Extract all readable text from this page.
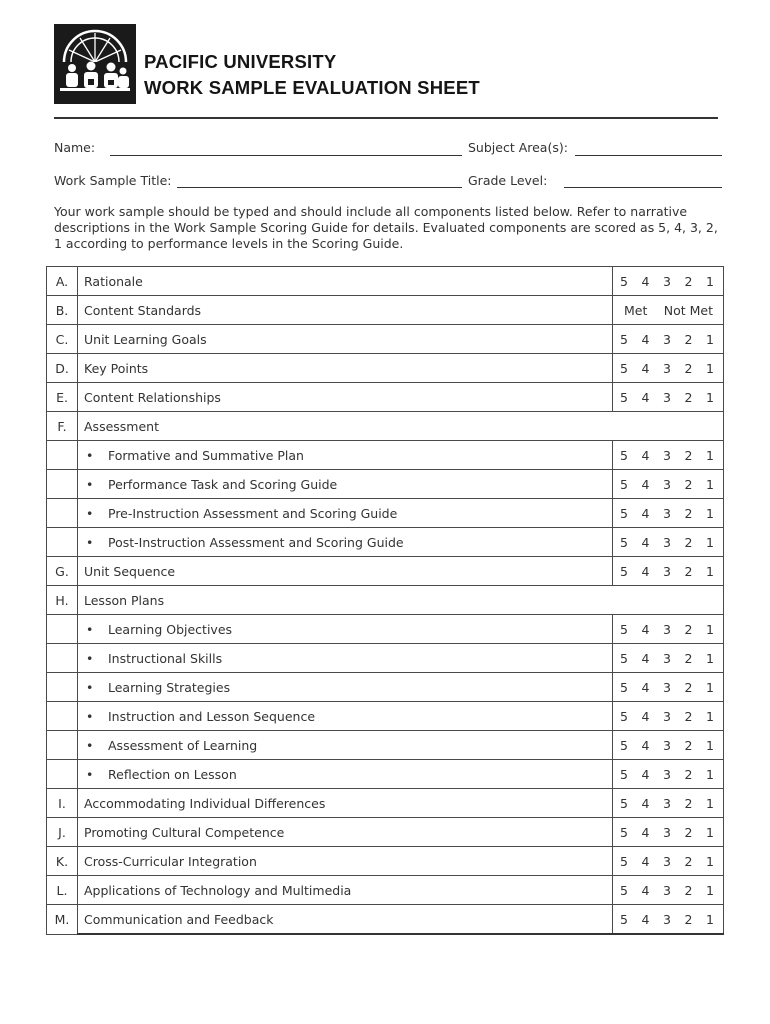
PACIFIC UNIVERSITY
WORK SAMPLE EVALUATION SHEET
Name:	Subject Area(s):
Work Sample Title:	Grade Level:
Your work sample should be typed and should include all components listed below. Refer to narrative descriptions in the Work Sample Scoring Guide for details. Evaluated components are scored as 5, 4, 3, 2, 1 according to performance levels in the Scoring Guide.
A.	Rationale	5 4 3 2 1

B.	Content Standards	Met Not Met

C.	Unit Learning Goals	5 4 3 2 1

D.	Key Points	5 4 3 2 1

E.	Content Relationships	5 4 3 2 1

F.	Assessment	
	• Formative and Summative Plan	5 4 3 2 1

	• Performance Task and Scoring Guide	5 4 3 2 1

	• Pre-Instruction Assessment and Scoring Guide	5 4 3 2 1

	• Post-Instruction Assessment and Scoring Guide	5 4 3 2 1

G.	Unit Sequence	5 4 3 2 1

H.	Lesson Plans	
	• Learning Objectives	5 4 3 2 1

	• Instructional Skills	5 4 3 2 1

	• Learning Strategies	5 4 3 2 1

	• Instruction and Lesson Sequence	5 4 3 2 1

	• Assessment of Learning	5 4 3 2 1

	• Reflection on Lesson	5 4 3 2 1

I.	Accommodating Individual Differences	5 4 3 2 1

J.	Promoting Cultural Competence	5 4 3 2 1

K.	Cross-Curricular Integration	5 4 3 2 1

L.	Applications of Technology and Multimedia	5 4 3 2 1

M.	Communication and Feedback	5 4 3 2 1
